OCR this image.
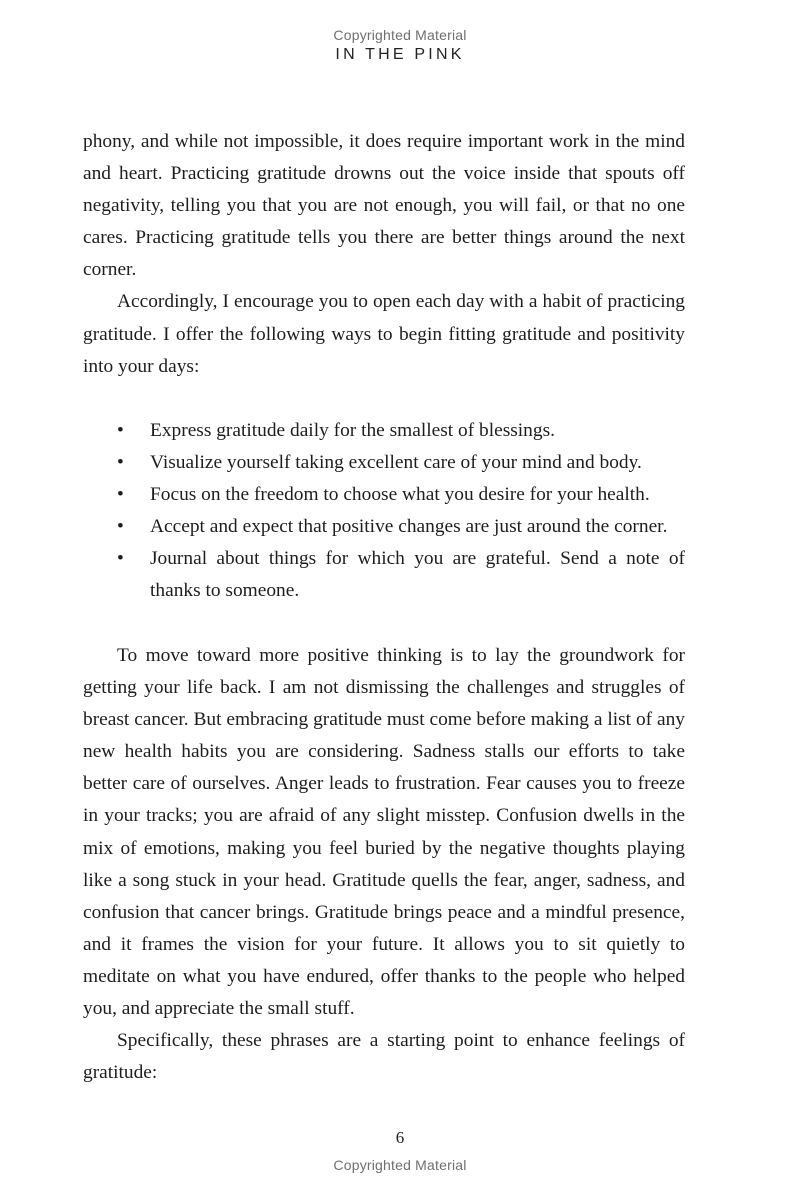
Copyrighted Material
IN THE PINK

phony, and while not impossible, it does require important work in the mind and heart. Practicing gratitude drowns out the voice inside that spouts off negativity, telling you that you are not enough, you will fail, or that no one cares. Practicing gratitude tells you there are better things around the next corner.

Accordingly, I encourage you to open each day with a habit of practicing gratitude. I offer the following ways to begin fitting gratitude and positivity into your days:

• Express gratitude daily for the smallest of blessings.
• Visualize yourself taking excellent care of your mind and body.
• Focus on the freedom to choose what you desire for your health.
• Accept and expect that positive changes are just around the corner.
• Journal about things for which you are grateful. Send a note of thanks to someone.

To move toward more positive thinking is to lay the groundwork for getting your life back. I am not dismissing the challenges and struggles of breast cancer. But embracing gratitude must come before making a list of any new health habits you are considering. Sadness stalls our efforts to take better care of ourselves. Anger leads to frustration. Fear causes you to freeze in your tracks; you are afraid of any slight misstep. Confusion dwells in the mix of emotions, making you feel buried by the negative thoughts playing like a song stuck in your head. Gratitude quells the fear, anger, sadness, and confusion that cancer brings. Gratitude brings peace and a mindful presence, and it frames the vision for your future. It allows you to sit quietly to meditate on what you have endured, offer thanks to the people who helped you, and appreciate the small stuff.

Specifically, these phrases are a starting point to enhance feelings of gratitude:

6
Copyrighted Material
